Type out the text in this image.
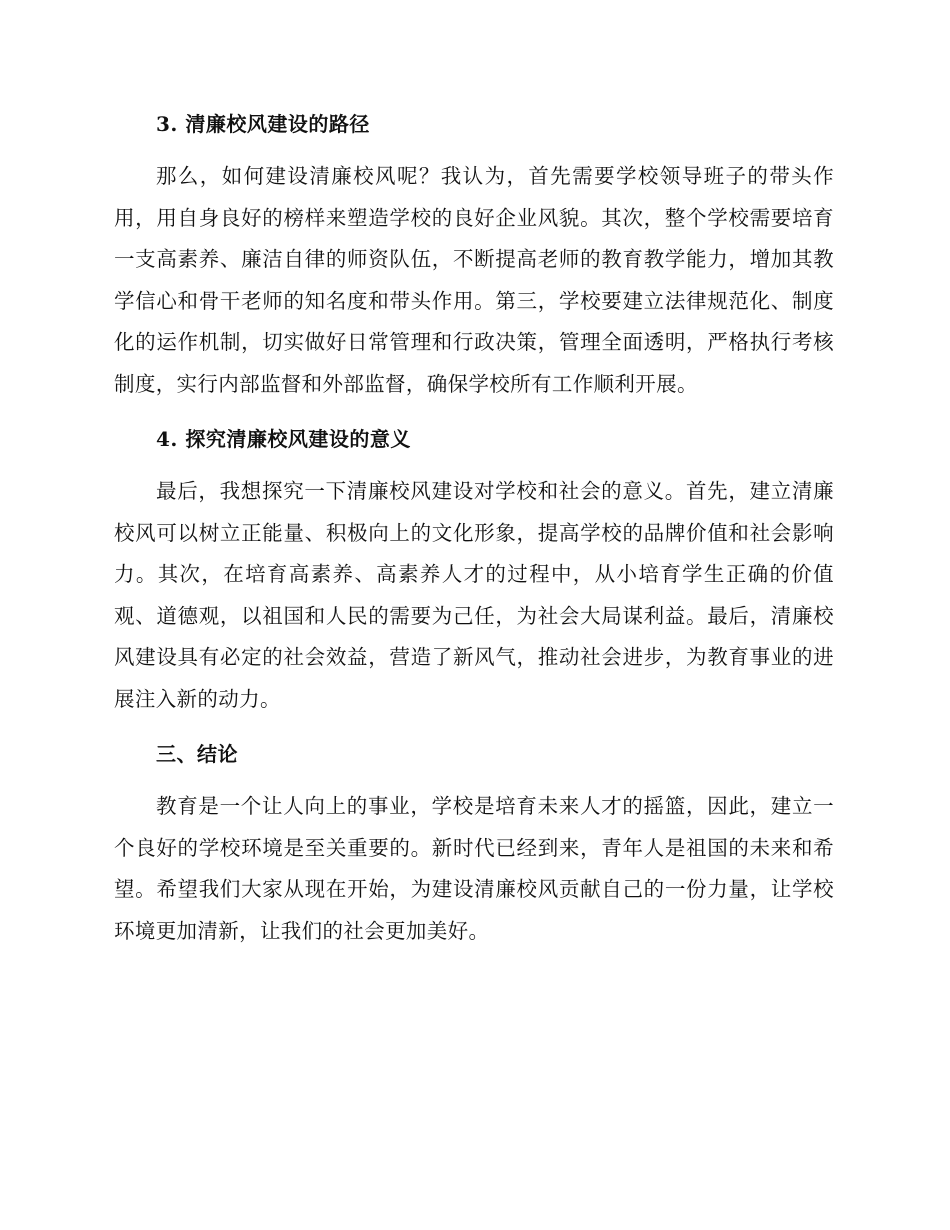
3. 清廉校风建设的路径

那么，如何建设清廉校风呢？我认为，首先需要学校领导班子的带头作用，用自身良好的榜样来塑造学校的良好企业风貌。其次，整个学校需要培育一支高素养、廉洁自律的师资队伍，不断提高老师的教育教学能力，增加其教学信心和骨干老师的知名度和带头作用。第三，学校要建立法律规范化、制度化的运作机制，切实做好日常管理和行政决策，管理全面透明，严格执行考核制度，实行内部监督和外部监督，确保学校所有工作顺利开展。

4. 探究清廉校风建设的意义

最后，我想探究一下清廉校风建设对学校和社会的意义。首先，建立清廉校风可以树立正能量、积极向上的文化形象，提高学校的品牌价值和社会影响力。其次，在培育高素养、高素养人才的过程中，从小培育学生正确的价值观、道德观，以祖国和人民的需要为己任，为社会大局谋利益。最后，清廉校风建设具有必定的社会效益，营造了新风气，推动社会进步，为教育事业的进展注入新的动力。

三、结论

教育是一个让人向上的事业，学校是培育未来人才的摇篮，因此，建立一个良好的学校环境是至关重要的。新时代已经到来，青年人是祖国的未来和希望。希望我们大家从现在开始，为建设清廉校风贡献自己的一份力量，让学校环境更加清新，让我们的社会更加美好。
